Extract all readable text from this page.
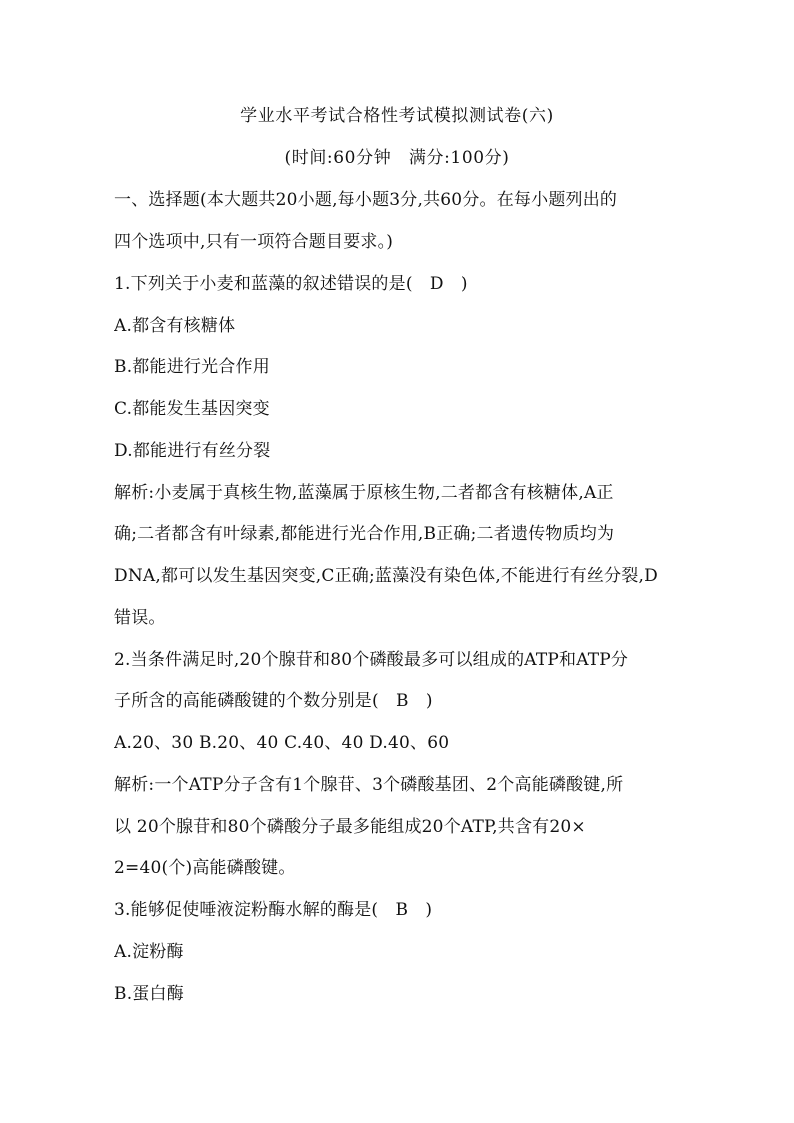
学业水平考试合格性考试模拟测试卷(六)
(时间:60分钟　满分:100分)
一、选择题(本大题共20小题,每小题3分,共60分。在每小题列出的
四个选项中,只有一项符合题目要求。)
1.下列关于小麦和蓝藻的叙述错误的是(　D　)
A.都含有核糖体
B.都能进行光合作用
C.都能发生基因突变
D.都能进行有丝分裂
解析:小麦属于真核生物,蓝藻属于原核生物,二者都含有核糖体,A正
确;二者都含有叶绿素,都能进行光合作用,B正确;二者遗传物质均为
DNA,都可以发生基因突变,C正确;蓝藻没有染色体,不能进行有丝分裂,D
错误。
2.当条件满足时,20个腺苷和80个磷酸最多可以组成的ATP和ATP分
子所含的高能磷酸键的个数分别是(　B　)
A.20、30 B.20、40 C.40、40 D.40、60
解析:一个ATP分子含有1个腺苷、3个磷酸基团、2个高能磷酸键,所
以 20个腺苷和80个磷酸分子最多能组成20个ATP,共含有20×
2=40(个)高能磷酸键。
3.能够促使唾液淀粉酶水解的酶是(　B　)
A.淀粉酶
B.蛋白酶
